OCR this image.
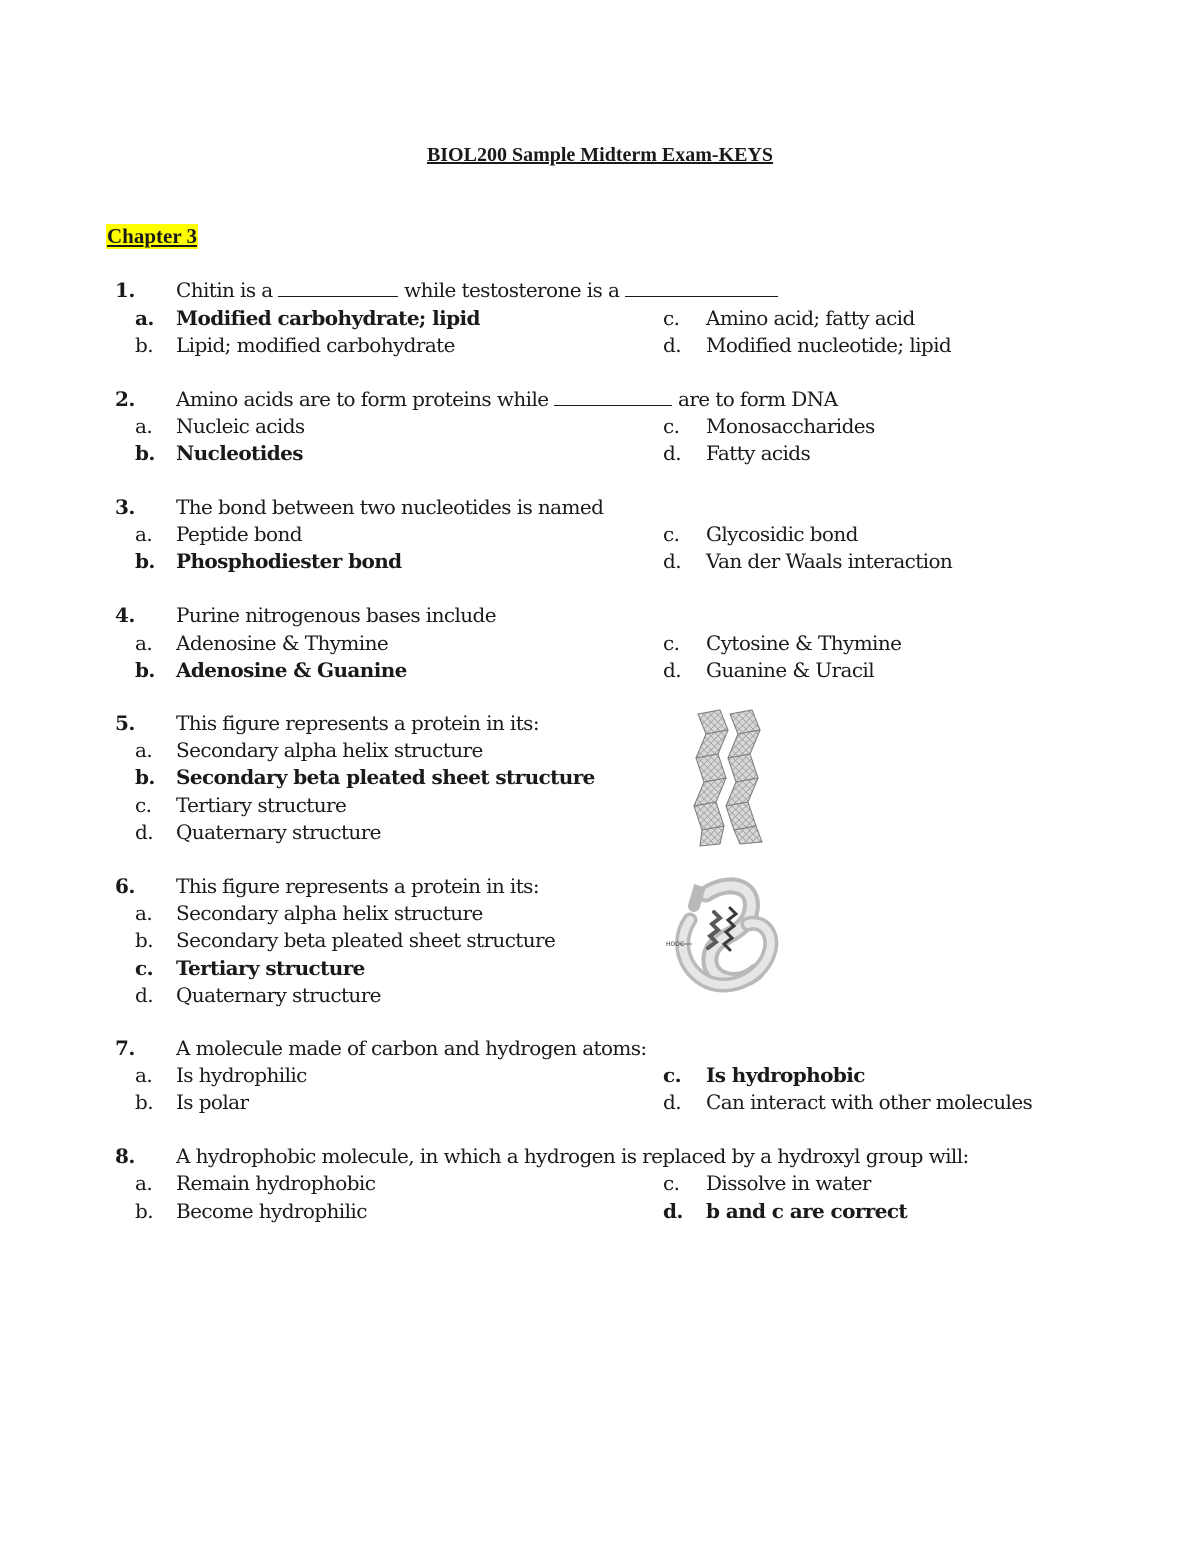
BIOL200 Sample Midterm Exam-KEYS
Chapter 3
1. Chitin is a	while testosterone is a
a. Modified carbohydrate; lipid	c. Amino acid; fatty acid
b. Lipid; modified carbohydrate	d. Modified nucleotide; lipid
2. Amino acids are to form proteins while	are to form DNA
a. Nucleic acids	c. Monosaccharides
b. Nucleotides	d. Fatty acids
3. The bond between two nucleotides is named
a. Peptide bond	c. Glycosidic bond
b. Phosphodiester bond	d. Van der Waals interaction
4. Purine nitrogenous bases include
a. Adenosine & Thymine	c. Cytosine & Thymine
b. Adenosine & Guanine	d. Guanine & Uracil
5. This figure represents a protein in its:
a. Secondary alpha helix structure
b. Secondary beta pleated sheet structure
c. Tertiary structure
d. Quaternary structure
6. This figure represents a protein in its:
a. Secondary alpha helix structure
b. Secondary beta pleated sheet structure
c. Tertiary structure
d. Quaternary structure
HOOC
7. A molecule made of carbon and hydrogen atoms:
a. Is hydrophilic	c. Is hydrophobic
b. Is polar	d. Can interact with other molecules
8. A hydrophobic molecule, in which a hydrogen is replaced by a hydroxyl group will:
a. Remain hydrophobic	c. Dissolve in water
b. Become hydrophilic	d. b and c are correct
